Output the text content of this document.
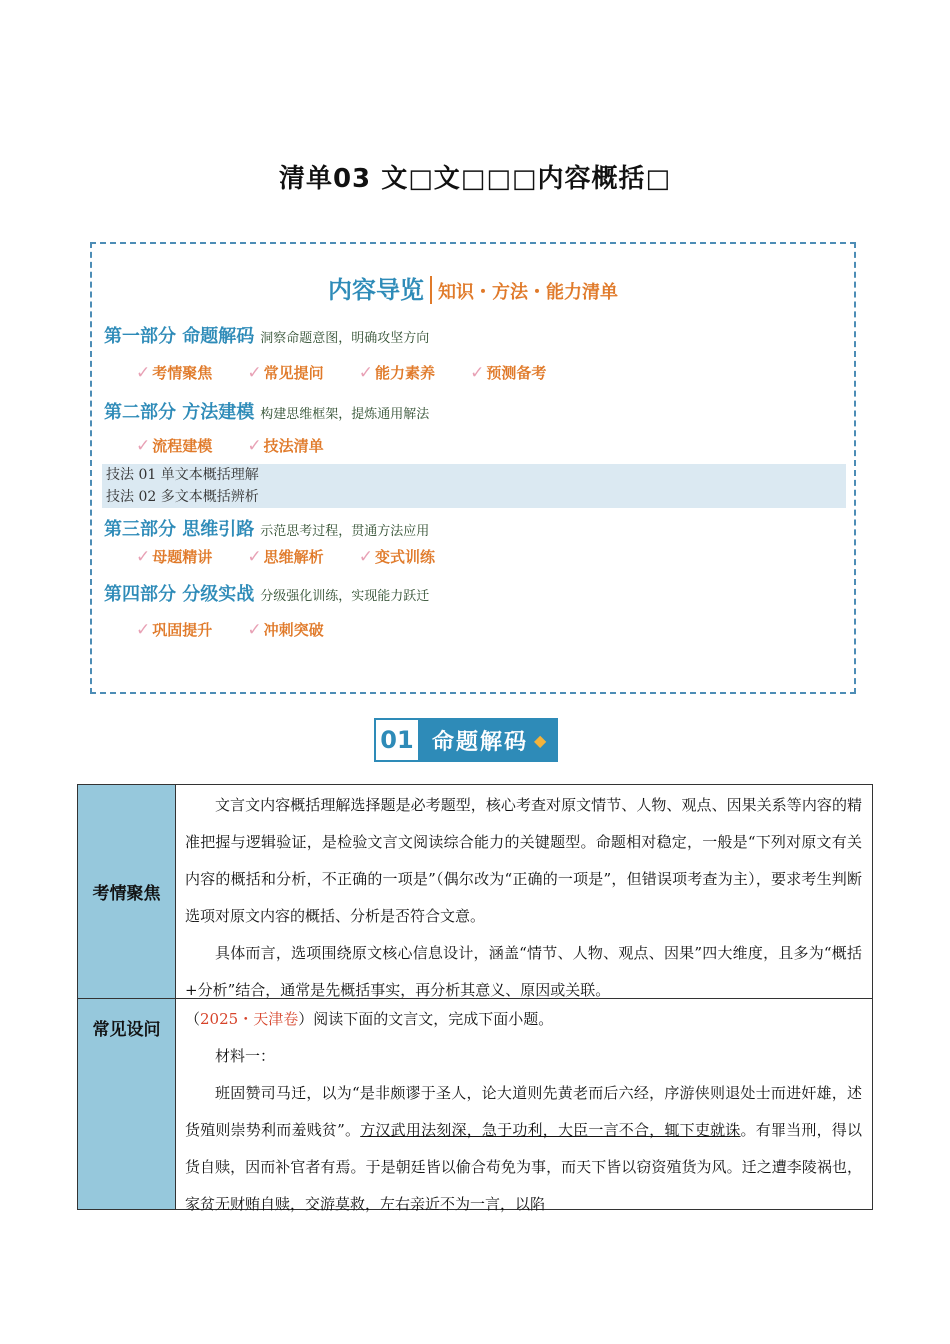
清单03 文□文□□□内容概括□
内容导览 知识・方法・能力清单
第一部分 命题解码 洞察命题意图，明确攻坚方向
✓ 考情聚焦 ✓ 常见提问 ✓ 能力素养 ✓ 预测备考
第二部分 方法建模 构建思维框架，提炼通用解法
✓ 流程建模 ✓ 技法清单
技法 01 单文本概括理解
技法 02 多文本概括辨析
第三部分 思维引路 示范思考过程，贯通方法应用
✓ 母题精讲 ✓ 思维解析 ✓ 变式训练
第四部分 分级实战 分级强化训练，实现能力跃迁
✓ 巩固提升 ✓ 冲刺突破
01 命题解码 ◆
考情聚焦

文言文内容概括理解选择题是必考题型，核心考查对原文情节、人物、观点、因果关系等内容的精准把握与逻辑验证，是检验文言文阅读综合能力的关键题型。命题相对稳定，一般是“下列对原文有关内容的概括和分析，不正确的一项是”（偶尔改为“正确的一项是”，但错误项考查为主），要求考生判断选项对原文内容的概括、分析是否符合文意。

具体而言，选项围绕原文核心信息设计，涵盖“情节、人物、观点、因果”四大维度，且多为“概括+分析”结合，通常是先概括事实，再分析其意义、原因或关联。

常见设问

（2025・天津卷）阅读下面的文言文，完成下面小题。

材料一：

班固赞司马迁，以为“是非颇谬于圣人，论大道则先黄老而后六经，序游侠则退处士而进奸雄，述货殖则崇势利而羞贱贫”。方汉武用法刻深，急于功利，大臣一言不合，辄下吏就诛。有罪当刑，得以货自赎，因而补官者有焉。于是朝廷皆以偷合苟免为事，而天下皆以窃资殖货为风。迁之遭李陵祸也，家贫无财贿自赎，交游莫救，左右亲近不为一言，以陷
